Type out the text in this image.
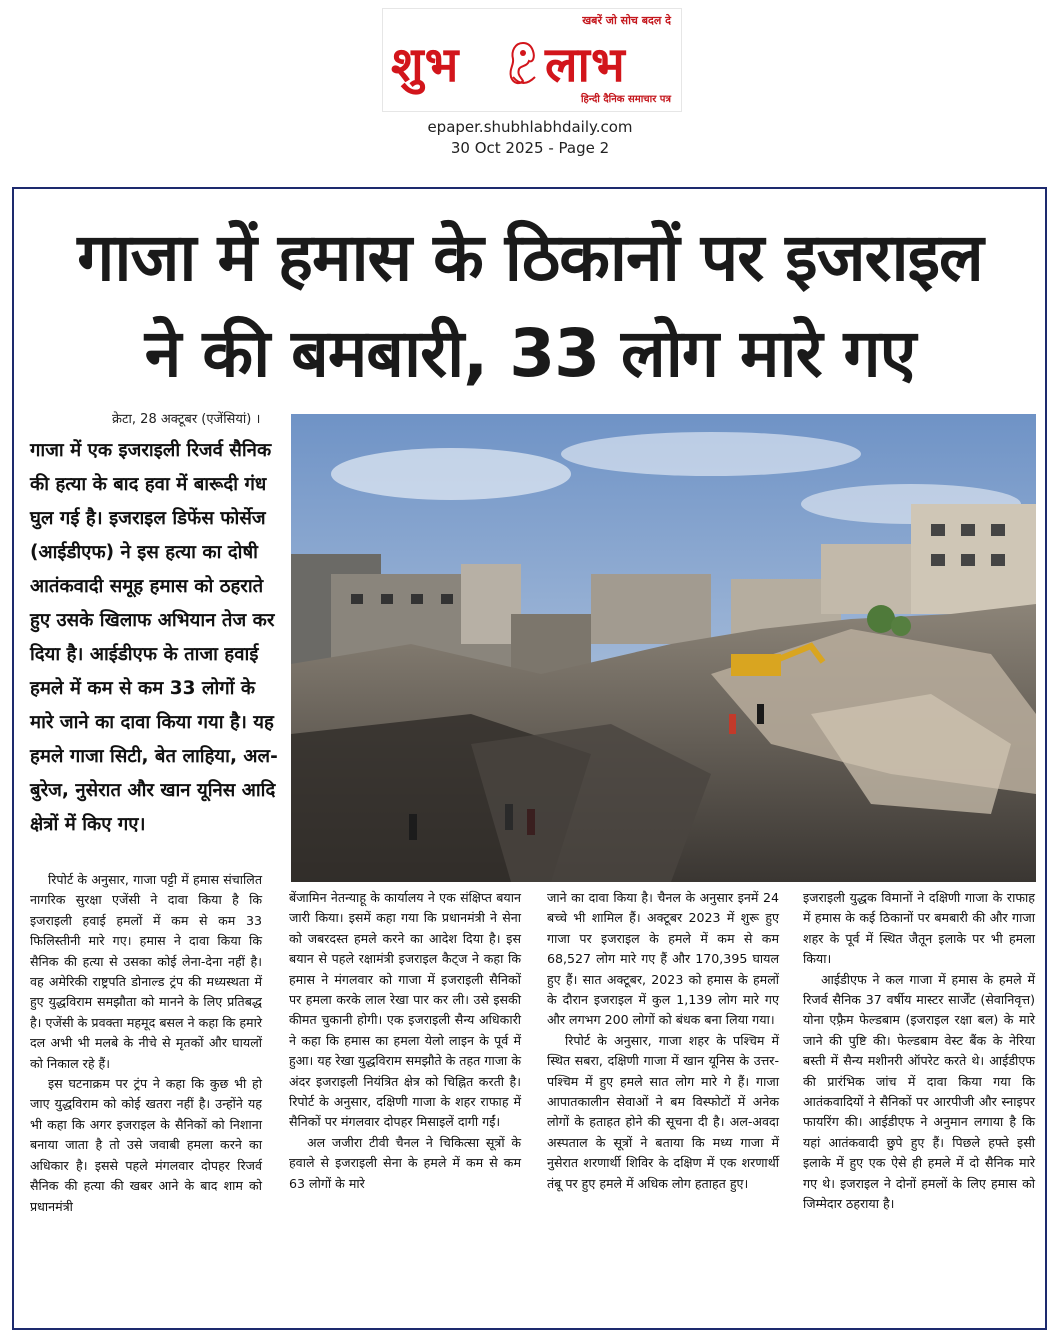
खबरें जो सोच बदल दे
शुभ लाभ
हिन्दी दैनिक समाचार पत्र
epaper.shubhlabhdaily.com
30 Oct 2025 - Page 2
गाजा में हमास के ठिकानों पर इजराइल
ने की बमबारी, 33 लोग मारे गए
क्रेटा, 28 अक्टूबर (एजेंसियां) ।
गाजा में एक इजराइली रिजर्व सैनिक की हत्या के बाद हवा में बारूदी गंध घुल गई है। इजराइल डिफेंस फोर्सेज (आईडीएफ) ने इस हत्या का दोषी आतंकवादी समूह हमास को ठहराते हुए उसके खिलाफ अभियान तेज कर दिया है। आईडीएफ के ताजा हवाई हमले में कम से कम 33 लोगों के मारे जाने का दावा किया गया है। यह हमले गाजा सिटी, बेत लाहिया, अल-बुरेज, नुसेरात और खान यूनिस आदि क्षेत्रों में किए गए।

रिपोर्ट के अनुसार, गाजा पट्टी में हमास संचालित नागरिक सुरक्षा एजेंसी ने दावा किया है कि इजराइली हवाई हमलों में कम से कम 33 फिलिस्तीनी मारे गए। हमास ने दावा किया कि सैनिक की हत्या से उसका कोई लेना-देना नहीं है। वह अमेरिकी राष्ट्रपति डोनाल्ड ट्रंप की मध्यस्थता में हुए युद्धविराम समझौता को मानने के लिए प्रतिबद्ध है। एजेंसी के प्रवक्ता महमूद बसल ने कहा कि हमारे दल अभी भी मलबे के नीचे से मृतकों और घायलों को निकाल रहे हैं।

इस घटनाक्रम पर ट्रंप ने कहा कि कुछ भी हो जाए युद्धविराम को कोई खतरा नहीं है। उन्होंने यह भी कहा कि अगर इजराइल के सैनिकों को निशाना बनाया जाता है तो उसे जवाबी हमला करने का अधिकार है। इससे पहले मंगलवार दोपहर रिजर्व सैनिक की हत्या की खबर आने के बाद शाम को प्रधानमंत्री

बेंजामिन नेतन्याहू के कार्यालय ने एक संक्षिप्त बयान जारी किया। इसमें कहा गया कि प्रधानमंत्री ने सेना को जबरदस्त हमले करने का आदेश दिया है। इस बयान से पहले रक्षामंत्री इजराइल कैट्ज ने कहा कि हमास ने मंगलवार को गाजा में इजराइली सैनिकों पर हमला करके लाल रेखा पार कर ली। उसे इसकी कीमत चुकानी होगी। एक इजराइली सैन्य अधिकारी ने कहा कि हमास का हमला येलो लाइन के पूर्व में हुआ। यह रेखा युद्धविराम समझौते के तहत गाजा के अंदर इजराइली नियंत्रित क्षेत्र को चिह्नित करती है। रिपोर्ट के अनुसार, दक्षिणी गाजा के शहर राफाह में सैनिकों पर मंगलवार दोपहर मिसाइलें दागी गईं।

अल जजीरा टीवी चैनल ने चिकित्सा सूत्रों के हवाले से इजराइली सेना के हमले में कम से कम 63 लोगों के मारे

जाने का दावा किया है। चैनल के अनुसार इनमें 24 बच्चे भी शामिल हैं। अक्टूबर 2023 में शुरू हुए गाजा पर इजराइल के हमले में कम से कम 68,527 लोग मारे गए हैं और 170,395 घायल हुए हैं। सात अक्टूबर, 2023 को हमास के हमलों के दौरान इजराइल में कुल 1,139 लोग मारे गए और लगभग 200 लोगों को बंधक बना लिया गया।

रिपोर्ट के अनुसार, गाजा शहर के पश्चिम में स्थित सबरा, दक्षिणी गाजा में खान यूनिस के उत्तर-पश्चिम में हुए हमले सात लोग मारे गे हैं। गाजा आपातकालीन सेवाओं ने बम विस्फोटों में अनेक लोगों के हताहत होने की सूचना दी है। अल-अवदा अस्पताल के सूत्रों ने बताया कि मध्य गाजा में नुसेरात शरणार्थी शिविर के दक्षिण में एक शरणार्थी तंबू पर हुए हमले में अधिक लोग हताहत हुए।

इजराइली युद्धक विमानों ने दक्षिणी गाजा के राफाह में हमास के कई ठिकानों पर बमबारी की और गाजा शहर के पूर्व में स्थित जैतून इलाके पर भी हमला किया।

आईडीएफ ने कल गाजा में हमास के हमले में रिजर्व सैनिक 37 वर्षीय मास्टर सार्जेंट (सेवानिवृत्त) योना एफ़्रैम फेल्डबाम (इजराइल रक्षा बल) के मारे जाने की पुष्टि की। फेल्डबाम वेस्ट बैंक के नेरिया बस्ती में सैन्य मशीनरी ऑपरेट करते थे। आईडीएफ की प्रारंभिक जांच में दावा किया गया कि आतंकवादियों ने सैनिकों पर आरपीजी और स्नाइपर फायरिंग की। आईडीएफ ने अनुमान लगाया है कि यहां आतंकवादी छुपे हुए हैं। पिछले हफ्ते इसी इलाके में हुए एक ऐसे ही हमले में दो सैनिक मारे गए थे। इजराइल ने दोनों हमलों के लिए हमास को जिम्मेदार ठहराया है।
